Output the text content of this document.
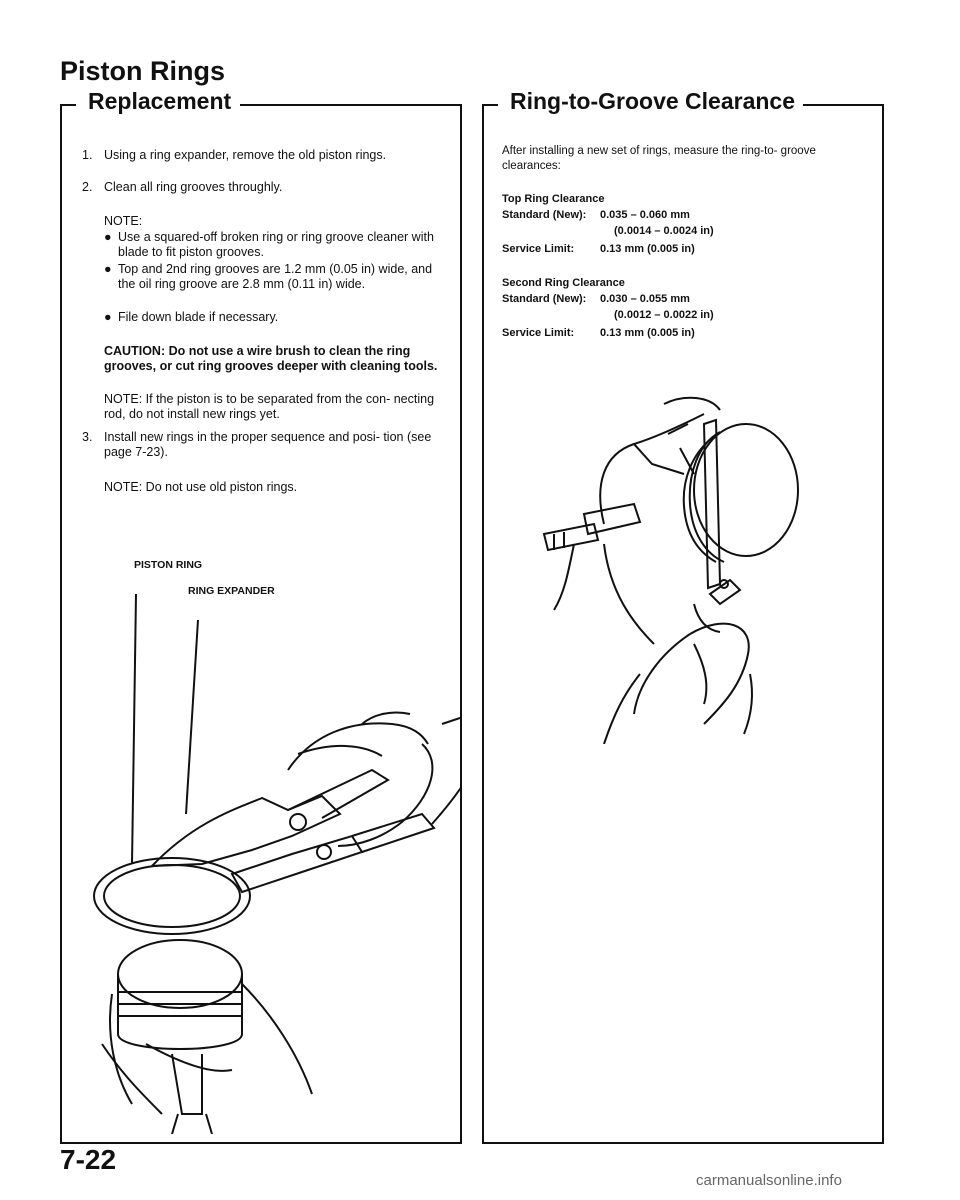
Piston Rings
Replacement
1. Using a ring expander, remove the old piston rings.
2. Clean all ring grooves throughly.
NOTE:
● Use a squared-off broken ring or ring groove cleaner with blade to fit piston grooves.
● Top and 2nd ring grooves are 1.2 mm (0.05 in) wide, and the oil ring groove are 2.8 mm (0.11 in) wide.
● File down blade if necessary.
CAUTION: Do not use a wire brush to clean the ring grooves, or cut ring grooves deeper with cleaning tools.
NOTE: If the piston is to be separated from the con- necting rod, do not install new rings yet.
3. Install new rings in the proper sequence and posi- tion (see page 7-23).
NOTE: Do not use old piston rings.
PISTON RING
RING EXPANDER
Ring-to-Groove Clearance
After installing a new set of rings, measure the ring-to- groove clearances:
Top Ring Clearance
Standard (New): 0.035 – 0.060 mm
(0.0014 – 0.0024 in)
Service Limit: 0.13 mm (0.005 in)
Second Ring Clearance
Standard (New): 0.030 – 0.055 mm
(0.0012 – 0.0022 in)
Service Limit: 0.13 mm (0.005 in)
7-22
carmanualsonline.info
